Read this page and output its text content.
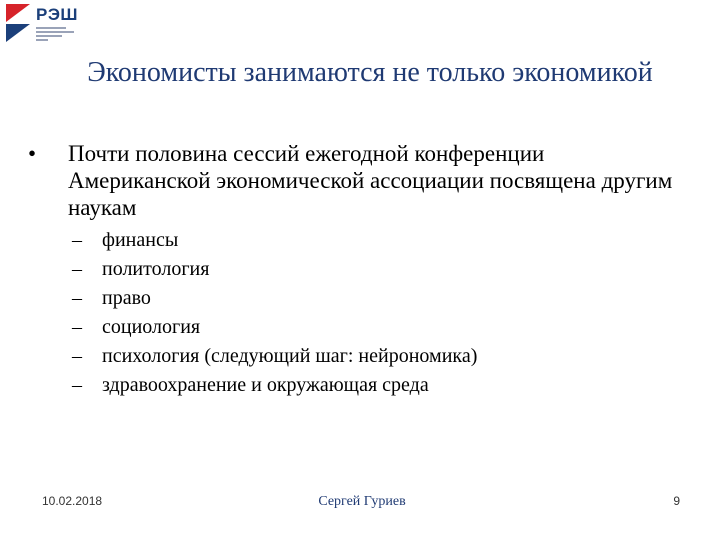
РЭШ
Экономисты занимаются не только экономикой
• Почти половина сессий ежегодной конференции Американской экономической ассоциации посвящена другим наукам
– финансы
– политология
– право
– социология
– психология (следующий шаг: нейрономика)
– здравоохранение и окружающая среда
10.02.2018	Сергей Гуриев	9
